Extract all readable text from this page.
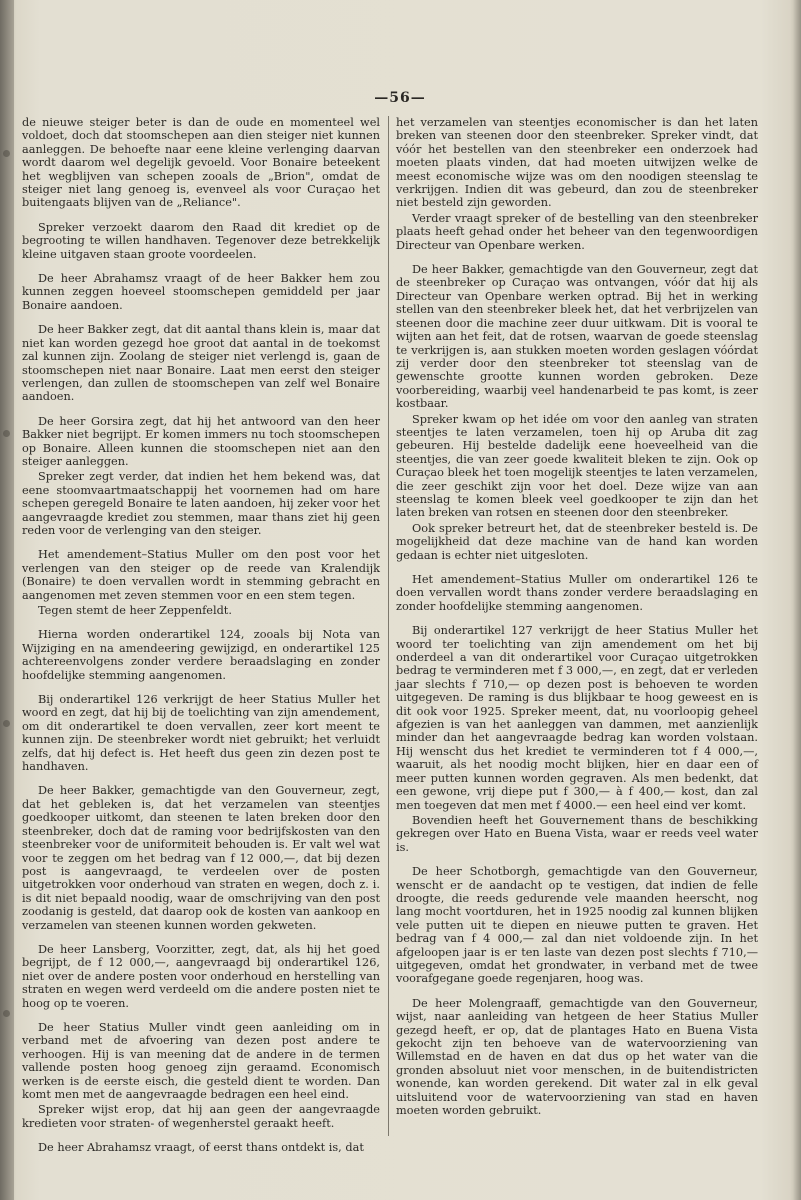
—56—

de nieuwe steiger beter is dan de oude en momenteel wel voldoet, doch dat stoomschepen aan dien steiger niet kunnen aanleggen. De behoefte naar eene kleine verlenging daarvan wordt daarom wel degelijk gevoeld. Voor Bonaire beteekent het wegblijven van schepen zooals de „Brion", omdat de steiger niet lang genoeg is, evenveel als voor Curaçao het buitengaats blijven van de „Reliance".

Spreker verzoekt daarom den Raad dit krediet op de begrooting te willen handhaven. Tegenover deze betrekkelijk kleine uitgaven staan groote voordeelen.

De heer Abrahamsz vraagt of de heer Bakker hem zou kunnen zeggen hoeveel stoomschepen gemiddeld per jaar Bonaire aandoen.

De heer Bakker zegt, dat dit aantal thans klein is, maar dat niet kan worden gezegd hoe groot dat aantal in de toekomst zal kunnen zijn. Zoolang de steiger niet verlengd is, gaan de stoomschepen niet naar Bonaire. Laat men eerst den steiger verlengen, dan zullen de stoomschepen van zelf wel Bonaire aandoen.

De heer Gorsira zegt, dat hij het antwoord van den heer Bakker niet begrijpt. Er komen immers nu toch stoomschepen op Bonaire. Alleen kunnen die stoomschepen niet aan den steiger aanleggen.

Spreker zegt verder, dat indien het hem bekend was, dat eene stoomvaartmaatschappij het voornemen had om hare schepen geregeld Bonaire te laten aandoen, hij zeker voor het aangevraagde krediet zou stemmen, maar thans ziet hij geen reden voor de verlenging van den steiger.

Het amendement–Statius Muller om den post voor het verlengen van den steiger op de reede van Kralendijk (Bonaire) te doen vervallen wordt in stemming gebracht en aangenomen met zeven stemmen voor en een stem tegen.

Tegen stemt de heer Zeppenfeldt.

Hierna worden onderartikel 124, zooals bij Nota van Wijziging en na amendeering gewijzigd, en onderartikel 125 achtereenvolgens zonder verdere beraadslaging en zonder hoofdelijke stemming aangenomen.

Bij onderartikel 126 verkrijgt de heer Statius Muller het woord en zegt, dat hij bij de toelichting van zijn amendement, om dit onderartikel te doen vervallen, zeer kort meent te kunnen zijn. De steenbreker wordt niet gebruikt; het verluidt zelfs, dat hij defect is. Het heeft dus geen zin dezen post te handhaven.

De heer Bakker, gemachtigde van den Gouverneur, zegt, dat het gebleken is, dat het verzamelen van steentjes goedkooper uitkomt, dan steenen te laten breken door den steenbreker, doch dat de raming voor bedrijfskosten van den steenbreker voor de uniformiteit behouden is. Er valt wel wat voor te zeggen om het bedrag van f 12 000,—, dat bij dezen post is aangevraagd, te verdeelen over de posten uitgetrokken voor onderhoud van straten en wegen, doch z. i. is dit niet bepaald noodig, waar de omschrijving van den post zoodanig is gesteld, dat daarop ook de kosten van aankoop en verzamelen van steenen kunnen worden gekweten.

De heer Lansberg, Voorzitter, zegt, dat, als hij het goed begrijpt, de f 12 000,—, aangevraagd bij onderartikel 126, niet over de andere posten voor onderhoud en herstelling van straten en wegen werd verdeeld om die andere posten niet te hoog op te voeren.

De heer Statius Muller vindt geen aanleiding om in verband met de afvoering van dezen post andere te verhoogen. Hij is van meening dat de andere in de termen vallende posten hoog genoeg zijn geraamd. Economisch werken is de eerste eisch, die gesteld dient te worden. Dan komt men met de aangevraagde bedragen een heel eind.

Spreker wijst erop, dat hij aan geen der aangevraagde kredieten voor straten- of wegenherstel geraakt heeft.

De heer Abrahamsz vraagt, of eerst thans ontdekt is, dat

het verzamelen van steentjes economischer is dan het laten breken van steenen door den steenbreker. Spreker vindt, dat vóór het bestellen van den steenbreker een onderzoek had moeten plaats vinden, dat had moeten uitwijzen welke de meest economische wijze was om den noodigen steenslag te verkrijgen. Indien dit was gebeurd, dan zou de steenbreker niet besteld zijn geworden.

Verder vraagt spreker of de bestelling van den steenbreker plaats heeft gehad onder het beheer van den tegenwoordigen Directeur van Openbare werken.

De heer Bakker, gemachtigde van den Gouverneur, zegt dat de steenbreker op Curaçao was ontvangen, vóór dat hij als Directeur van Openbare werken optrad. Bij het in werking stellen van den steenbreker bleek het, dat het verbrijzelen van steenen door die machine zeer duur uitkwam. Dit is vooral te wijten aan het feit, dat de rotsen, waarvan de goede steenslag te verkrijgen is, aan stukken moeten worden geslagen vóórdat zij verder door den steenbreker tot steenslag van de gewenschte grootte kunnen worden gebroken. Deze voorbereiding, waarbij veel handenarbeid te pas komt, is zeer kostbaar.

Spreker kwam op het idée om voor den aanleg van straten steentjes te laten verzamelen, toen hij op Aruba dit zag gebeuren. Hij bestelde dadelijk eene hoeveelheid van die steentjes, die van zeer goede kwaliteit bleken te zijn. Ook op Curaçao bleek het toen mogelijk steentjes te laten verzamelen, die zeer geschikt zijn voor het doel. Deze wijze van aan steenslag te komen bleek veel goedkooper te zijn dan het laten breken van rotsen en steenen door den steenbreker.

Ook spreker betreurt het, dat de steenbreker besteld is. De mogelijkheid dat deze machine van de hand kan worden gedaan is echter niet uitgesloten.

Het amendement–Statius Muller om onderartikel 126 te doen vervallen wordt thans zonder verdere beraadslaging en zonder hoofdelijke stemming aangenomen.

Bij onderartikel 127 verkrijgt de heer Statius Muller het woord ter toelichting van zijn amendement om het bij onderdeel a van dit onderartikel voor Curaçao uitgetrokken bedrag te verminderen met f 3 000,—, en zegt, dat er verleden jaar slechts f 710,— op dezen post is behoeven te worden uitgegeven. De raming is dus blijkbaar te hoog geweest en is dit ook voor 1925. Spreker meent, dat, nu voorloopig geheel afgezien is van het aanleggen van dammen, met aanzienlijk minder dan het aangevraagde bedrag kan worden volstaan. Hij wenscht dus het krediet te verminderen tot f 4 000,—, waaruit, als het noodig mocht blijken, hier en daar een of meer putten kunnen worden gegraven. Als men bedenkt, dat een gewone, vrij diepe put f 300,— à f 400,— kost, dan zal men toegeven dat men met f 4000.— een heel eind ver komt.

Bovendien heeft het Gouvernement thans de beschikking gekregen over Hato en Buena Vista, waar er reeds veel water is.

De heer Schotborgh, gemachtigde van den Gouverneur, wenscht er de aandacht op te vestigen, dat indien de felle droogte, die reeds gedurende vele maanden heerscht, nog lang mocht voortduren, het in 1925 noodig zal kunnen blijken vele putten uit te diepen en nieuwe putten te graven. Het bedrag van f 4 000,— zal dan niet voldoende zijn. In het afgeloopen jaar is er ten laste van dezen post slechts f 710,— uitgegeven, omdat het grondwater, in verband met de twee voorafgegane goede regenjaren, hoog was.

De heer Molengraaff, gemachtigde van den Gouverneur, wijst, naar aanleiding van hetgeen de heer Statius Muller gezegd heeft, er op, dat de plantages Hato en Buena Vista gekocht zijn ten behoeve van de watervoorziening van Willemstad en de haven en dat dus op het water van die gronden absoluut niet voor menschen, in de buitendistricten wonende, kan worden gerekend. Dit water zal in elk geval uitsluitend voor de watervoorziening van stad en haven moeten worden gebruikt.
